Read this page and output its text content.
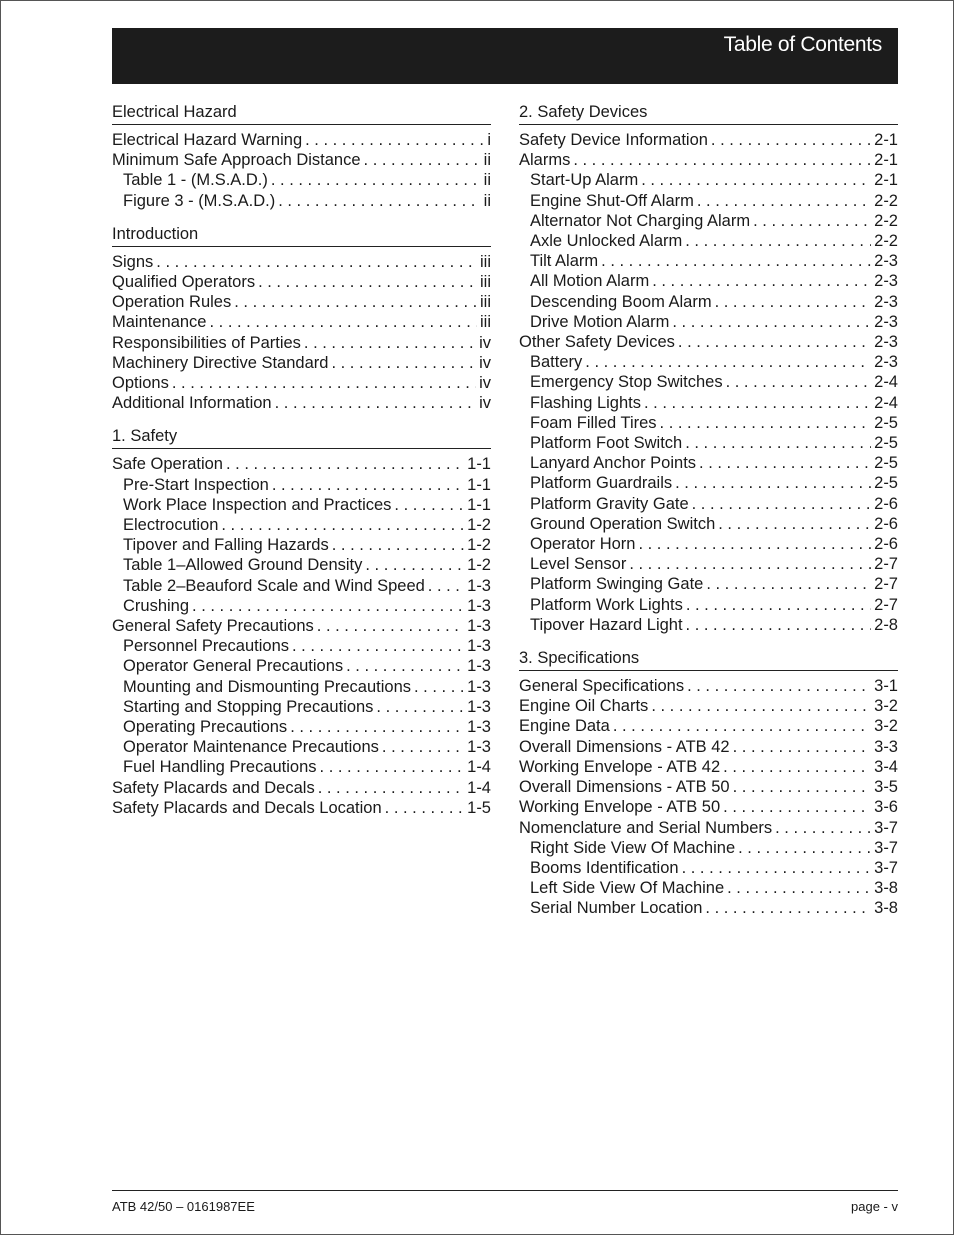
Table of Contents
Electrical Hazard
Electrical Hazard Warning . . .	i
Minimum Safe Approach Distance . . .	ii
Table 1 - (M.S.A.D.) . . .	ii
Figure 3 - (M.S.A.D.) . . .	ii
Introduction
Signs . . .	iii
Qualified Operators . . .	iii
Operation Rules . . .	iii
Maintenance . . .	iii
Responsibilities of Parties . . .	iv
Machinery Directive Standard . . .	iv
Options . . .	iv
Additional Information . . .	iv
1. Safety
Safe Operation . . .	1-1
Pre-Start Inspection . . .	1-1
Work Place Inspection and Practices . . .	1-1
Electrocution . . .	1-2
Tipover and Falling Hazards . . .	1-2
Table 1–Allowed Ground Density . . .	1-2
Table 2–Beauford Scale and Wind Speed . . .	1-3
Crushing . . .	1-3
General Safety Precautions . . .	1-3
Personnel Precautions . . .	1-3
Operator General Precautions . . .	1-3
Mounting and Dismounting Precautions . . .	1-3
Starting and Stopping Precautions . . .	1-3
Operating Precautions . . .	1-3
Operator Maintenance Precautions . . .	1-3
Fuel Handling Precautions . . .	1-4
Safety Placards and Decals . . .	1-4
Safety Placards and Decals Location . . .	1-5
2. Safety Devices
Safety Device Information . . .	2-1
Alarms . . .	2-1
Start-Up Alarm . . .	2-1
Engine Shut-Off Alarm . . .	2-2
Alternator Not Charging Alarm . . .	2-2
Axle Unlocked Alarm . . .	2-2
Tilt Alarm . . .	2-3
All Motion Alarm . . .	2-3
Descending Boom Alarm . . .	2-3
Drive Motion Alarm . . .	2-3
Other Safety Devices . . .	2-3
Battery . . .	2-3
Emergency Stop Switches . . .	2-4
Flashing Lights . . .	2-4
Foam Filled Tires . . .	2-5
Platform Foot Switch . . .	2-5
Lanyard Anchor Points . . .	2-5
Platform Guardrails . . .	2-5
Platform Gravity Gate . . .	2-6
Ground Operation Switch . . .	2-6
Operator Horn . . .	2-6
Level Sensor . . .	2-7
Platform Swinging Gate . . .	2-7
Platform Work Lights . . .	2-7
Tipover Hazard Light . . .	2-8
3. Specifications
General Specifications . . .	3-1
Engine Oil Charts . . .	3-2
Engine Data . . .	3-2
Overall Dimensions - ATB 42 . . .	3-3
Working Envelope - ATB 42 . . .	3-4
Overall Dimensions - ATB 50 . . .	3-5
Working Envelope - ATB 50 . . .	3-6
Nomenclature and Serial Numbers . . .	3-7
Right Side View Of Machine . . .	3-7
Booms Identification . . .	3-7
Left Side View Of Machine . . .	3-8
Serial Number Location . . .	3-8
ATB 42/50 – 0161987EE	page - v
